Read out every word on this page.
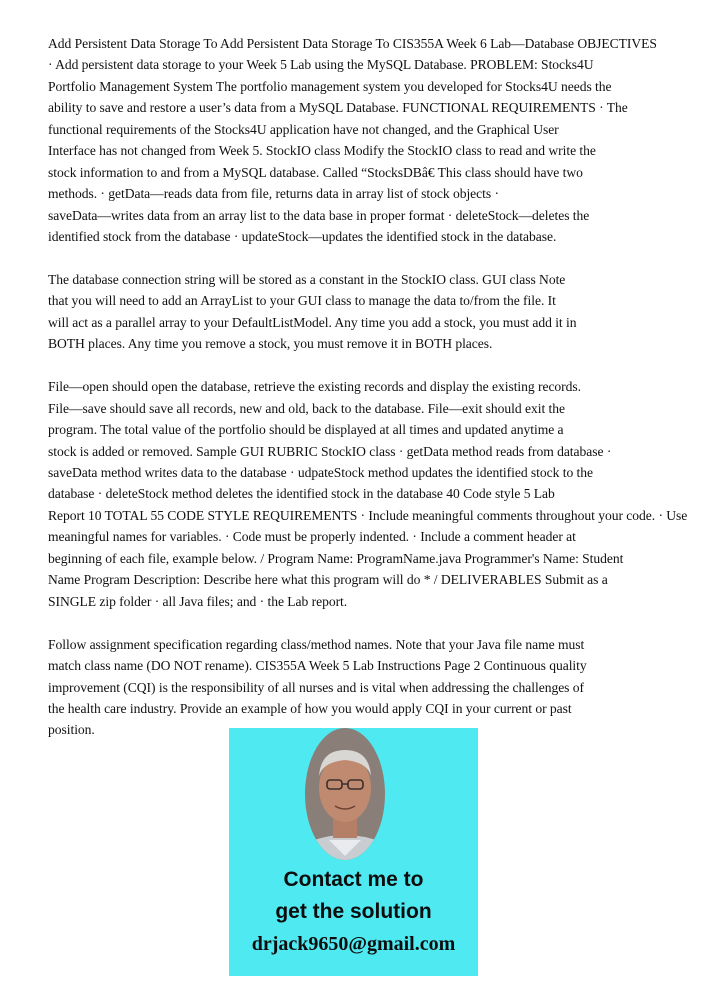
Add Persistent Data Storage To Add Persistent Data Storage To CIS355A Week 6 Lab—Database OBJECTIVES
· Add persistent data storage to your Week 5 Lab using the MySQL Database. PROBLEM: Stocks4U
Portfolio Management System The portfolio management system you developed for Stocks4U needs the
ability to save and restore a user’s data from a MySQL Database. FUNCTIONAL REQUIREMENTS · The
functional requirements of the Stocks4U application have not changed, and the Graphical User
Interface has not changed from Week 5. StockIO class Modify the StockIO class to read and write the
stock information to and from a MySQL database. Called “StocksDBâ€ This class should have two
methods. · getData—reads data from file, returns data in array list of stock objects ·
saveData—writes data from an array list to the data base in proper format · deleteStock—deletes the
identified stock from the database · updateStock—updates the identified stock in the database.
The database connection string will be stored as a constant in the StockIO class. GUI class Note
that you will need to add an ArrayList to your GUI class to manage the data to/from the file. It
will act as a parallel array to your DefaultListModel. Any time you add a stock, you must add it in
BOTH places. Any time you remove a stock, you must remove it in BOTH places.
File—open should open the database, retrieve the existing records and display the existing records.
File—save should save all records, new and old, back to the database. File—exit should exit the
program. The total value of the portfolio should be displayed at all times and updated anytime a
stock is added or removed. Sample GUI RUBRIC StockIO class · getData method reads from database ·
saveData method writes data to the database · udpateStock method updates the identified stock to the
database · deleteStock method deletes the identified stock in the database 40 Code style 5 Lab
Report 10 TOTAL 55 CODE STYLE REQUIREMENTS · Include meaningful comments throughout your code. · Use
meaningful names for variables. · Code must be properly indented. · Include a comment header at
beginning of each file, example below. / Program Name: ProgramName.java Programmer's Name: Student
Name Program Description: Describe here what this program will do * / DELIVERABLES Submit as a
SINGLE zip folder · all Java files; and · the Lab report.
Follow assignment specification regarding class/method names. Note that your Java file name must
match class name (DO NOT rename). CIS355A Week 5 Lab Instructions Page 2 Continuous quality
improvement (CQI) is the responsibility of all nurses and is vital when addressing the challenges of
the health care industry. Provide an example of how you would apply CQI in your current or past
position.
Contact me to
get the solution
drjack9650@gmail.com
